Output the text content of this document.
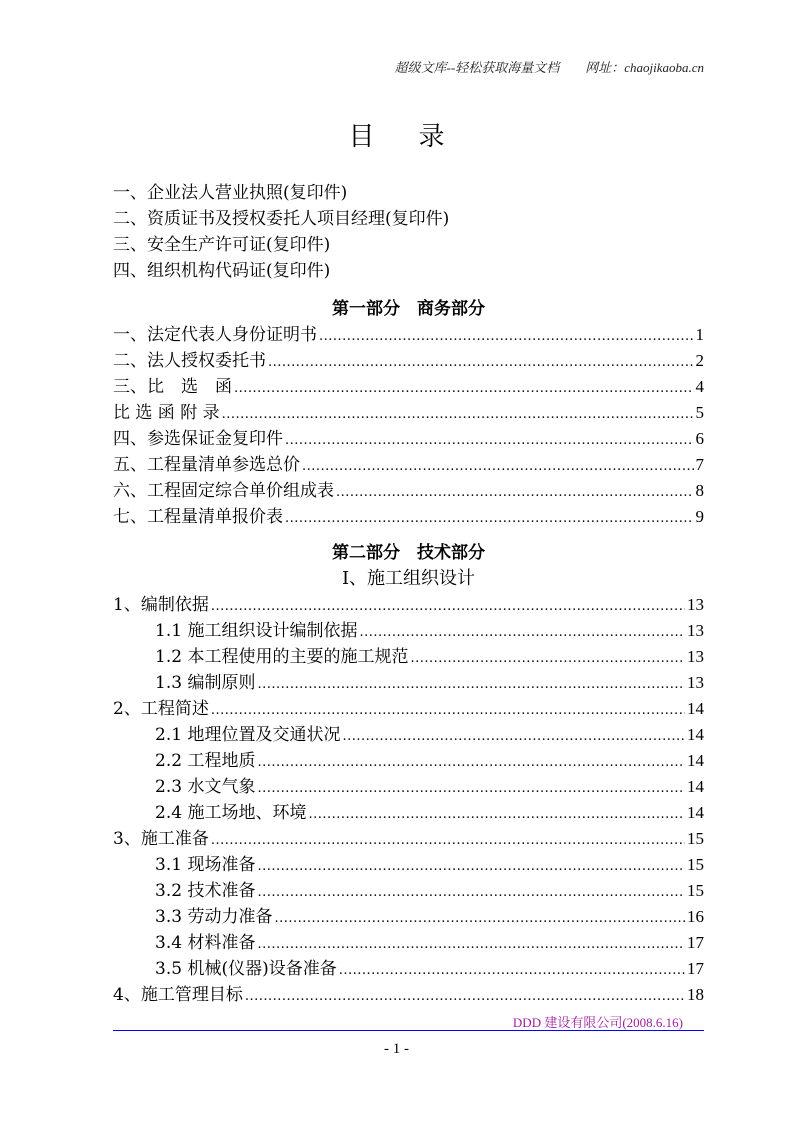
超级文库--轻松获取海量文档 网址：chaojikaoba.cn
目录
一、企业法人营业执照(复印件)
二、资质证书及授权委托人项目经理(复印件)
三、安全生产许可证(复印件)
四、组织机构代码证(复印件)
第一部分　商务部分
一、法定代表人身份证明书 .....	1
二、法人授权委托书 .....	2
三、比　选　函 .....	4
比 选 函 附 录 .....	5
四、参选保证金复印件 .....	6
五、工程量清单参选总价 .....	7
六、工程固定综合单价组成表 .....	8
七、工程量清单报价表 .....	9
第二部分　技术部分
Ⅰ、施工组织设计
1、编制依据 .....	13
1.1 施工组织设计编制依据 .....	13
1.2 本工程使用的主要的施工规范 .....	13
1.3 编制原则 .....	13
2、工程简述 .....	14
2.1 地理位置及交通状况 .....	14
2.2 工程地质 .....	14
2.3 水文气象 .....	14
2.4 施工场地、环境 .....	14
3、施工准备 .....	15
3.1 现场准备 .....	15
3.2 技术准备 .....	15
3.3 劳动力准备 .....	16
3.4 材料准备 .....	17
3.5 机械(仪器)设备准备 .....	17
4、施工管理目标 .....	18
DDD 建设有限公司(2008.6.16)
- 1 -
